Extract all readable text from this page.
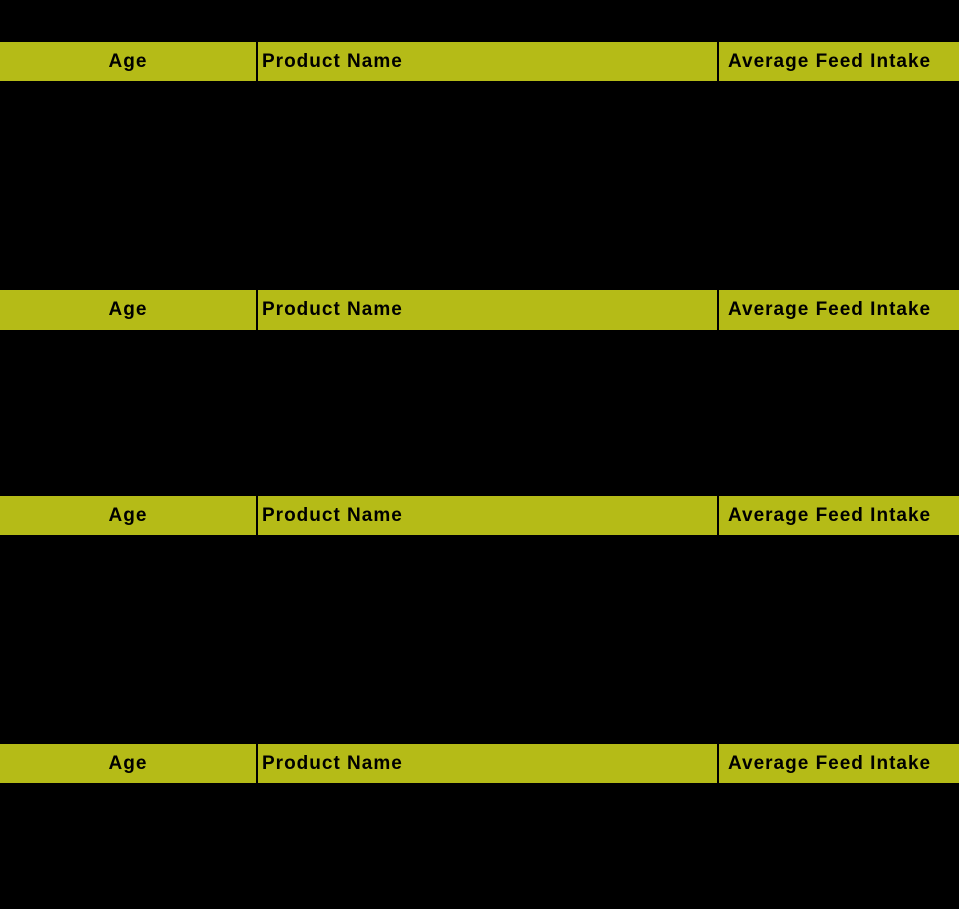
Age	Product Name	Average Feed Intake
Age	Product Name	Average Feed Intake
Age	Product Name	Average Feed Intake
Age	Product Name	Average Feed Intake
